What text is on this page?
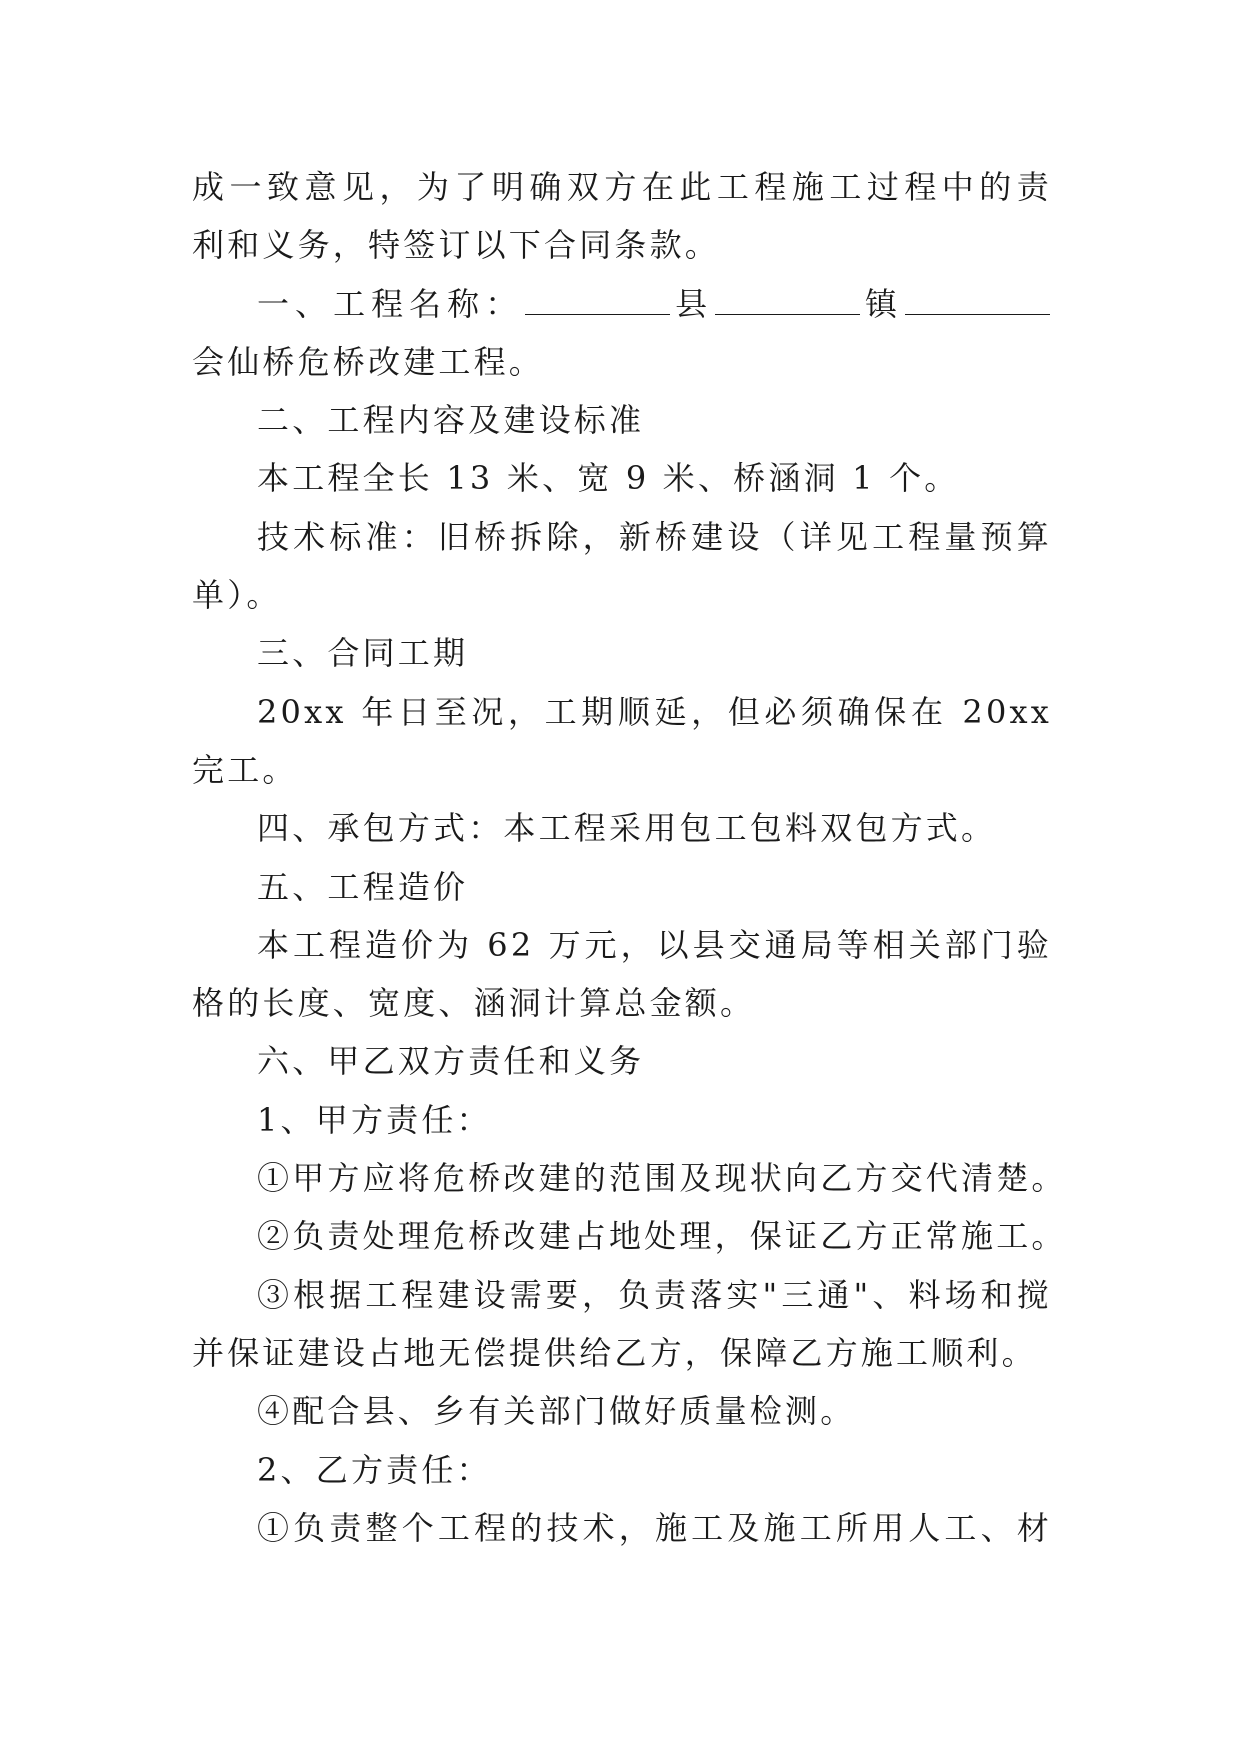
成一致意见，为了明确双方在此工程施工过程中的责
利和义务，特签订以下合同条款。
一、工程名称：	县	镇
会仙桥危桥改建工程。
二、工程内容及建设标准
本工程全长 13 米、宽 9 米、桥涵洞 1 个。
技术标准：旧桥拆除，新桥建设（详见工程量预算
单）。
三、合同工期
20xx 年日至况，工期顺延，但必须确保在 20xx
完工。
四、承包方式：本工程采用包工包料双包方式。
五、工程造价
本工程造价为 62 万元，以县交通局等相关部门验
格的长度、宽度、涵洞计算总金额。
六、甲乙双方责任和义务
1、甲方责任：
①甲方应将危桥改建的范围及现状向乙方交代清楚。
②负责处理危桥改建占地处理，保证乙方正常施工。
③根据工程建设需要，负责落实"三通"、料场和搅
并保证建设占地无偿提供给乙方，保障乙方施工顺利。
④配合县、乡有关部门做好质量检测。
2、乙方责任：
①负责整个工程的技术，施工及施工所用人工、材
